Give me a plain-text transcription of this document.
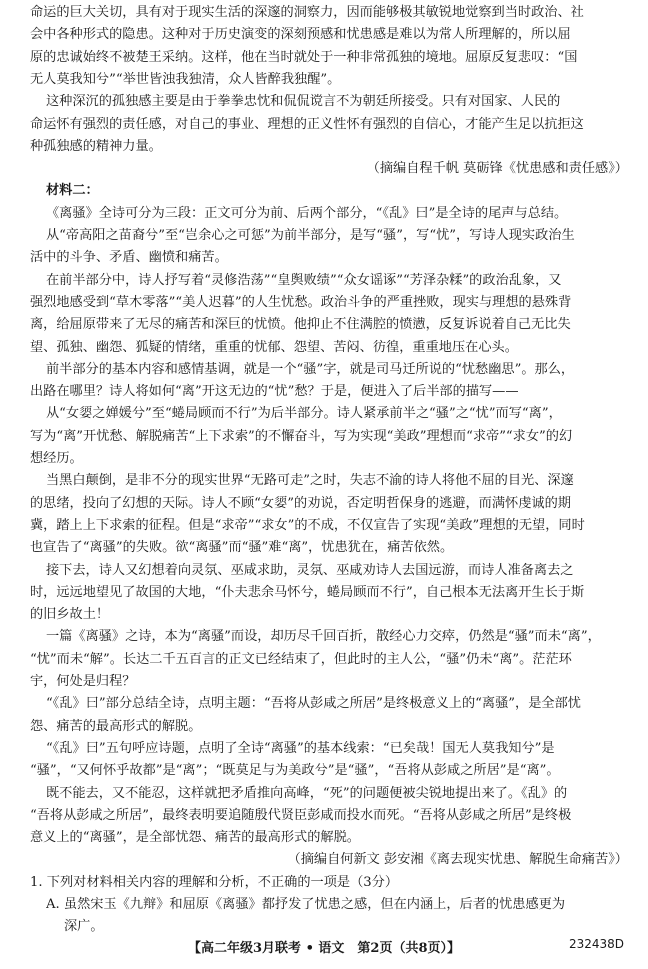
命运的巨大关切，具有对于现实生活的深邃的洞察力，因而能够极其敏锐地觉察到当时政治、社
会中各种形式的隐患。这种对于历史演变的深刻预感和忧患感是难以为常人所理解的，所以屈
原的忠诚始终不被楚王采纳。这样，他在当时就处于一种非常孤独的境地。屈原反复悲叹：“国
无人莫我知兮”“举世皆浊我独清，众人皆醉我独醒”。
这种深沉的孤独感主要是由于拳拳忠忱和侃侃谠言不为朝廷所接受。只有对国家、人民的
命运怀有强烈的责任感，对自己的事业、理想的正义性怀有强烈的自信心，才能产生足以抗拒这
种孤独感的精神力量。
（摘编自程千帆 莫砺锋《忧患感和责任感》）
材料二：
《离骚》全诗可分为三段：正文可分为前、后两个部分，“《乱》曰”是全诗的尾声与总结。
从“帝高阳之苗裔兮”至“岂余心之可惩”为前半部分，是写“骚”，写“忧”，写诗人现实政治生
活中的斗争、矛盾、幽愤和痛苦。
在前半部分中，诗人抒写着“灵修浩荡”“皇舆败绩”“众女谣诼”“芳泽杂糅”的政治乱象，又
强烈地感受到“草木零落”“美人迟暮”的人生忧愁。政治斗争的严重挫败，现实与理想的悬殊背
离，给屈原带来了无尽的痛苦和深巨的忧愤。他抑止不住满腔的愤懑，反复诉说着自己无比失
望、孤独、幽怨、狐疑的情绪，重重的忧郁、怨望、苦闷、彷徨，重重地压在心头。
前半部分的基本内容和感情基调，就是一个“骚”字，就是司马迁所说的“忧愁幽思”。那么，
出路在哪里？诗人将如何“离”开这无边的“忧”愁？于是，便进入了后半部的描写——
从“女媭之婵媛兮”至“蜷局顾而不行”为后半部分。诗人紧承前半之“骚”之“忧”而写“离”，
写为“离”开忧愁、解脱痛苦“上下求索”的不懈奋斗，写为实现“美政”理想而“求帝”“求女”的幻
想经历。
当黑白颠倒，是非不分的现实世界“无路可走”之时，失志不渝的诗人将他不屈的目光、深邃
的思绪，投向了幻想的天际。诗人不顾“女媭”的劝说，否定明哲保身的逃避，而满怀虔诚的期
冀，踏上上下求索的征程。但是“求帝”“求女”的不成，不仅宣告了实现“美政”理想的无望，同时
也宣告了“离骚”的失败。欲“离骚”而“骚”难“离”，忧患犹在，痛苦依然。
接下去，诗人又幻想着向灵氛、巫咸求助，灵氛、巫咸劝诗人去国远游，而诗人准备离去之
时，远远地望见了故国的大地，“仆夫悲余马怀兮，蜷局顾而不行”，自己根本无法离开生长于斯
的旧乡故土！
一篇《离骚》之诗，本为“离骚”而设，却历尽千回百折，散经心力交瘁，仍然是“骚”而未“离”，
“忧”而未“解”。长达二千五百言的正文已经结束了，但此时的主人公，“骚”仍未“离”。茫茫环
宇，何处是归程？
“《乱》曰”部分总结全诗，点明主题：“吾将从彭咸之所居”是终极意义上的“离骚”，是全部忧
怨、痛苦的最高形式的解脱。
“《乱》曰”五句呼应诗题，点明了全诗“离骚”的基本线索：“已矣哉！国无人莫我知兮”是
“骚”，“又何怀乎故都”是“离”；“既莫足与为美政兮”是“骚”，“吾将从彭咸之所居”是“离”。
既不能去，又不能忍，这样就把矛盾推向高峰，“死”的问题便被尖锐地提出来了。《乱》的
“吾将从彭咸之所居”，最终表明要追随殷代贤臣彭咸而投水而死。“吾将从彭咸之所居”是终极
意义上的“离骚”，是全部忧怨、痛苦的最高形式的解脱。
（摘编自何新文 彭安湘《离去现实忧患、解脱生命痛苦》）
1. 下列对材料相关内容的理解和分析，不正确的一项是（3分）
A. 虽然宋玉《九辩》和屈原《离骚》都抒发了忧患之感，但在内涵上，后者的忧患感更为
深广。
【高二年级3月联考 • 语文　第2页（共8页）】	232438D
